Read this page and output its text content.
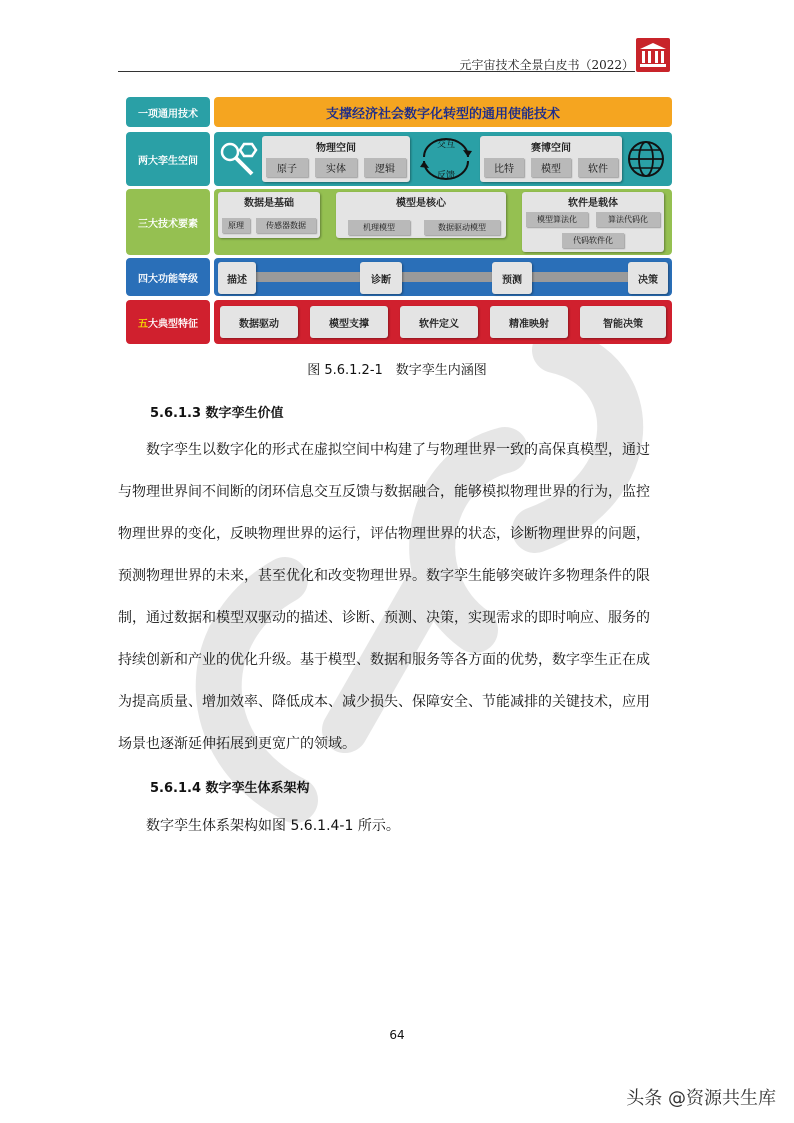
元宇宙技术全景白皮书（2022）
一项通用技术	支撑经济社会数字化转型的通用使能技术
两大孪生空间
物理空间
原子	实体	逻辑
交互
反馈
赛博空间
比特	模型	软件
三大技术要素
数据是基础
原理	传感器数据
模型是核心
机理模型	数据驱动模型
软件是载体
模型算法化	算法代码化
代码软件化
四大功能等级	描述	诊断	预测	决策
五 大典型特征	数据驱动	模型支撑	软件定义	精准映射	智能决策
图 5.6.1.2-1　数字孪生内涵图
5.6.1.3 数字孪生价值
　　数字孪生以数字化的形式在虚拟空间中构建了与物理世界一致的高保真模型，通过
与物理世界间不间断的闭环信息交互反馈与数据融合，能够模拟物理世界的行为，监控
物理世界的变化，反映物理世界的运行，评估物理世界的状态，诊断物理世界的问题，
预测物理世界的未来，甚至优化和改变物理世界。数字孪生能够突破许多物理条件的限
制，通过数据和模型双驱动的描述、诊断、预测、决策，实现需求的即时响应、服务的
持续创新和产业的优化升级。基于模型、数据和服务等各方面的优势，数字孪生正在成
为提高质量、增加效率、降低成本、减少损失、保障安全、节能减排的关键技术，应用
场景也逐渐延伸拓展到更宽广的领域。
5.6.1.4 数字孪生体系架构
　　数字孪生体系架构如图 5.6.1.4-1 所示。
64
头条 @资源共生库
